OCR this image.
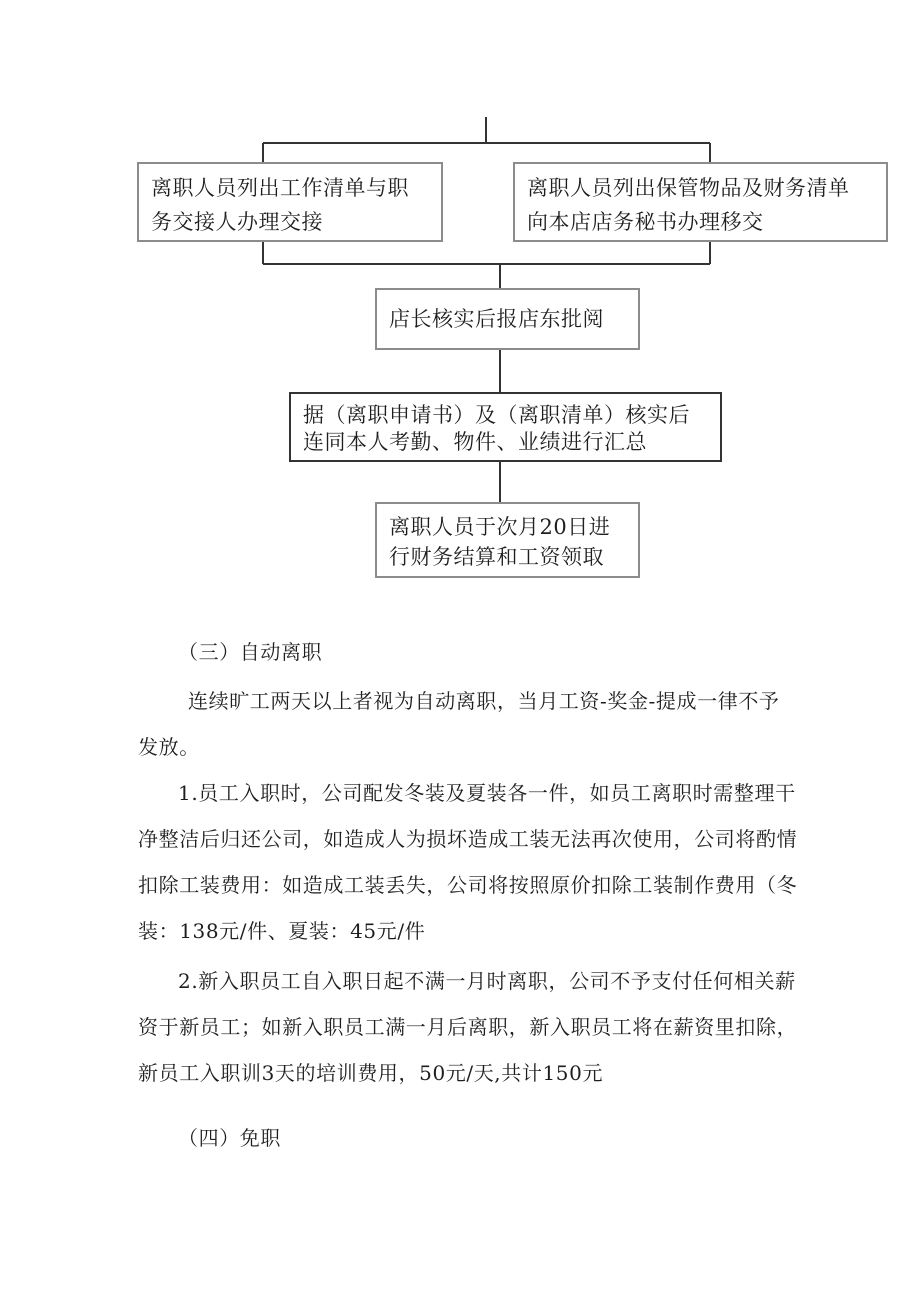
离职人员列出工作清单与职
务交接人办理交接
离职人员列出保管物品及财务清单
向本店店务秘书办理移交
店长核实后报店东批阅
据（离职申请书）及（离职清单）核实后
连同本人考勤、物件、业绩进行汇总
离职人员于次月20日进
行财务结算和工资领取
（三）自动离职
连续旷工两天以上者视为自动离职，当月工资-奖金-提成一律不予
发放。
1.员工入职时，公司配发冬装及夏装各一件，如员工离职时需整理干
净整洁后归还公司，如造成人为损坏造成工装无法再次使用，公司将酌情
扣除工装费用：如造成工装丢失，公司将按照原价扣除工装制作费用（冬
装：138元/件、夏装：45元/件
2.新入职员工自入职日起不满一月时离职，公司不予支付任何相关薪
资于新员工；如新入职员工满一月后离职，新入职员工将在薪资里扣除，
新员工入职训3天的培训费用，50元/天,共计150元
（四）免职
